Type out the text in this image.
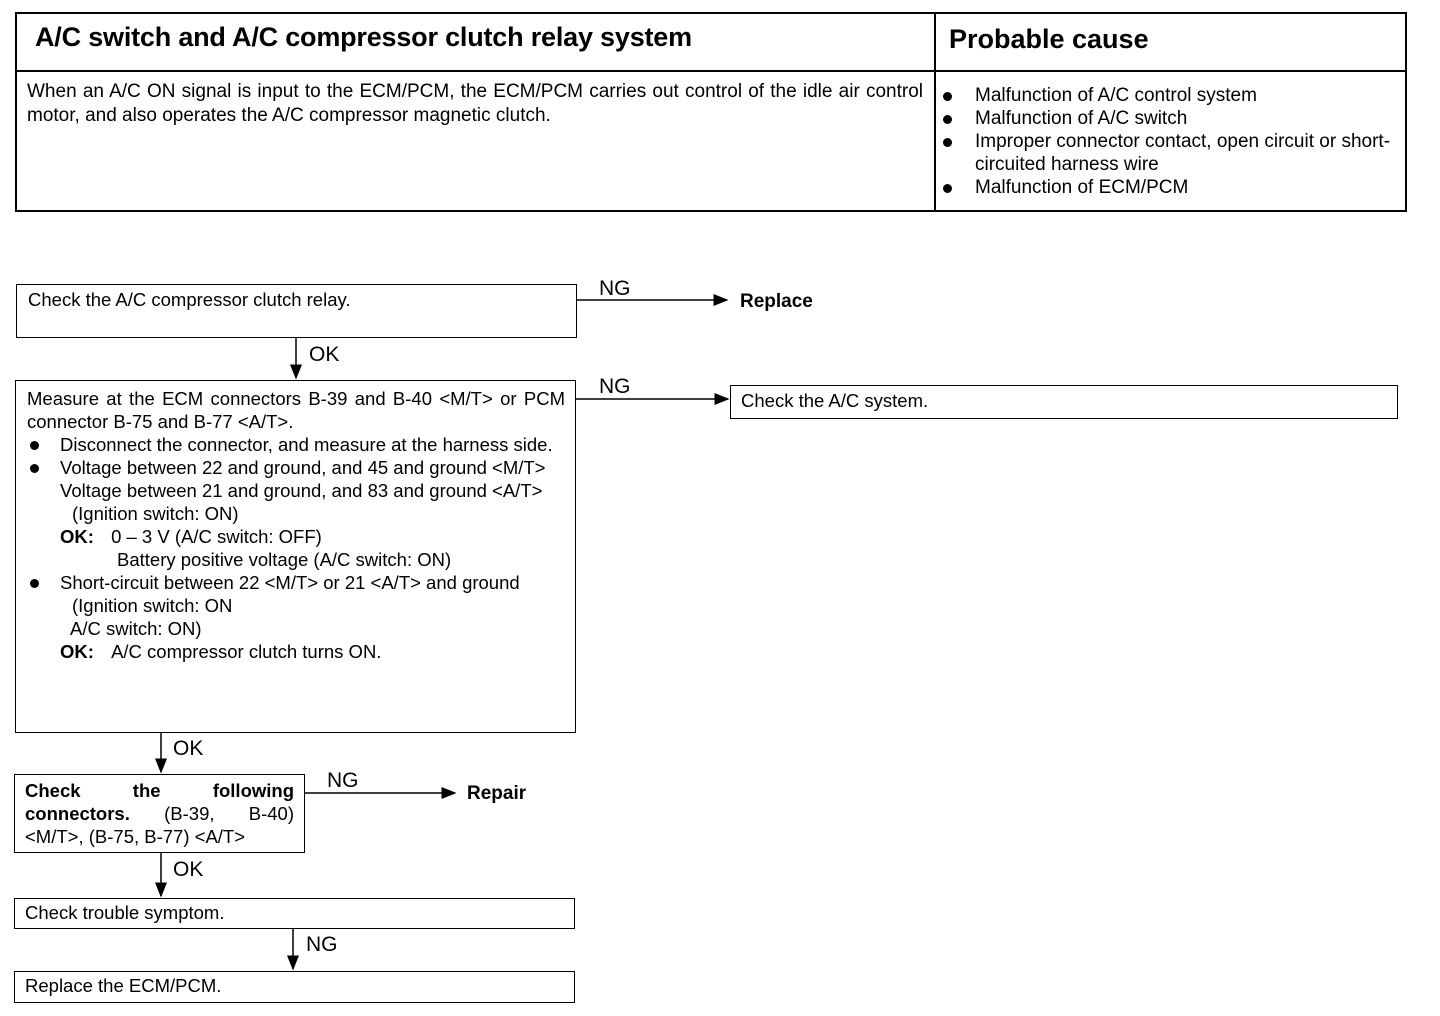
A/C switch and A/C compressor clutch relay system	Probable cause
When an A/C ON signal is input to the ECM/PCM, the ECM/PCM carries out control of the idle air control motor, and also operates the A/C compressor magnetic clutch.
Malfunction of A/C control system
Malfunction of A/C switch
Improper connector contact, open circuit or short-circuited harness wire
Malfunction of ECM/PCM
Check the A/C compressor clutch relay.	NG
Replace
OK
Measure at the ECM connectors B-39 and B-40 <M/T> or PCM connector B-75 and B-77 <A/T>.
Disconnect the connector, and measure at the harness side.
Voltage between 22 and ground, and 45 and ground <M/T>
Voltage between 21 and ground, and 83 and ground <A/T>
(Ignition switch: ON)
OK: 0 – 3 V (A/C switch: OFF)
Battery positive voltage (A/C switch: ON)
Short-circuit between 22 <M/T> or 21 <A/T> and ground
(Ignition switch: ON
A/C switch: ON)
OK: A/C compressor clutch turns ON.
NG
Check the A/C system.
OK
Check the following connectors. (B-39, B-40) <M/T>, (B-75, B-77) <A/T>
NG
Repair
OK
Check trouble symptom.
NG
Replace the ECM/PCM.
